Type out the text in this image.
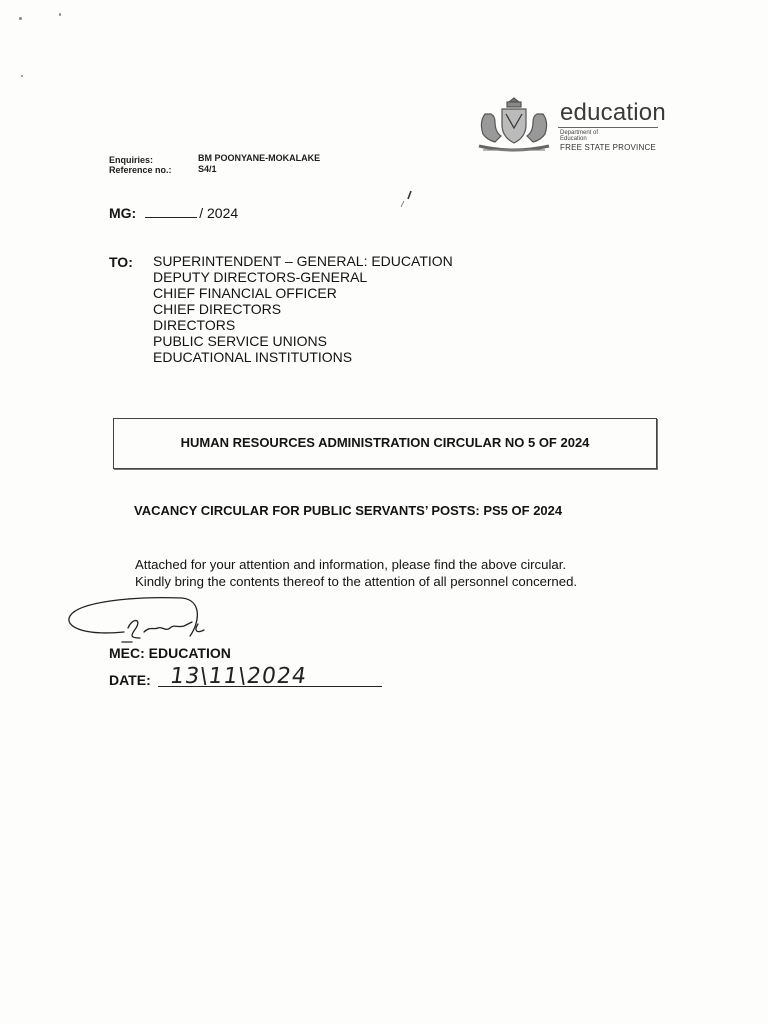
education
Department of
Education
FREE STATE PROVINCE
Enquiries:	BM POONYANE-MOKALAKE
Reference no.:	S4/1
MG:	/ 2024
TO: SUPERINTENDENT – GENERAL: EDUCATION
DEPUTY DIRECTORS-GENERAL
CHIEF FINANCIAL OFFICER
CHIEF DIRECTORS
DIRECTORS
PUBLIC SERVICE UNIONS
EDUCATIONAL INSTITUTIONS
HUMAN RESOURCES ADMINISTRATION CIRCULAR NO 5 OF 2024
VACANCY CIRCULAR FOR PUBLIC SERVANTS’ POSTS: PS5 OF 2024
Attached for your attention and information, please find the above circular.
Kindly bring the contents thereof to the attention of all personnel concerned.
MEC: EDUCATION
DATE: 13\11\2024
